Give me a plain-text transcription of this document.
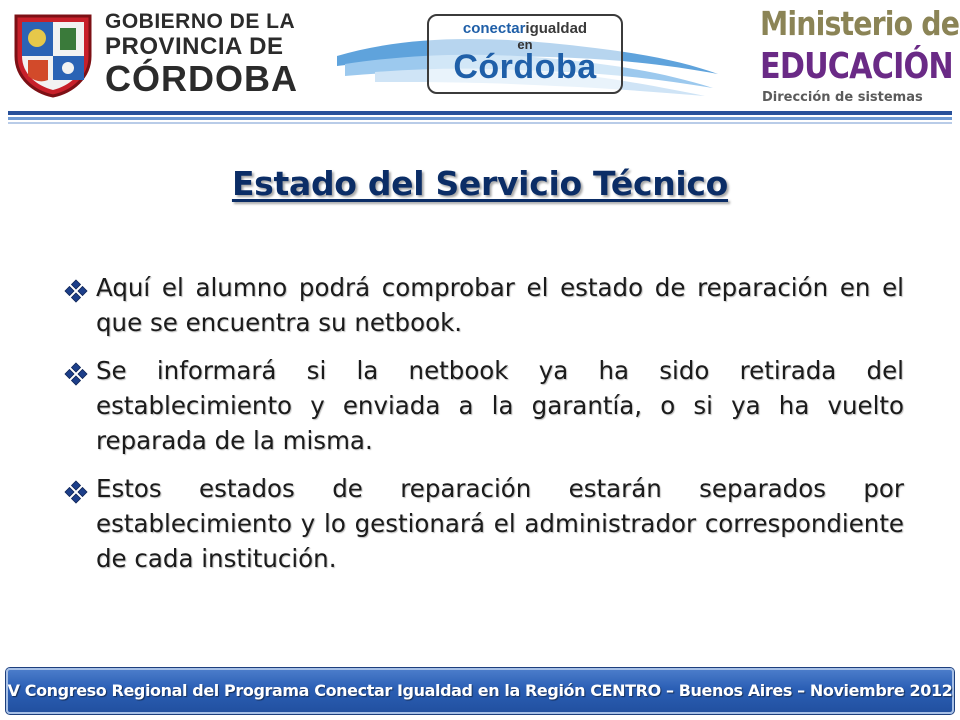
GOBIERNO DE LA
PROVINCIA DE
CÓRDOBA
conectarigualdad
en
Córdoba
Ministerio de
EDUCACIÓN
Dirección de sistemas
Estado del Servicio Técnico
Aquí el alumno podrá comprobar el estado de reparación en el que se encuentra su netbook.
Se informará si la netbook ya ha sido retirada del establecimiento y enviada a la garantía, o si ya ha vuelto reparada de la misma.
Estos estados de reparación estarán separados por establecimiento y lo gestionará el administrador correspondiente de cada institución.
V Congreso Regional del Programa Conectar Igualdad en la Región CENTRO – Buenos Aires – Noviembre 2012
